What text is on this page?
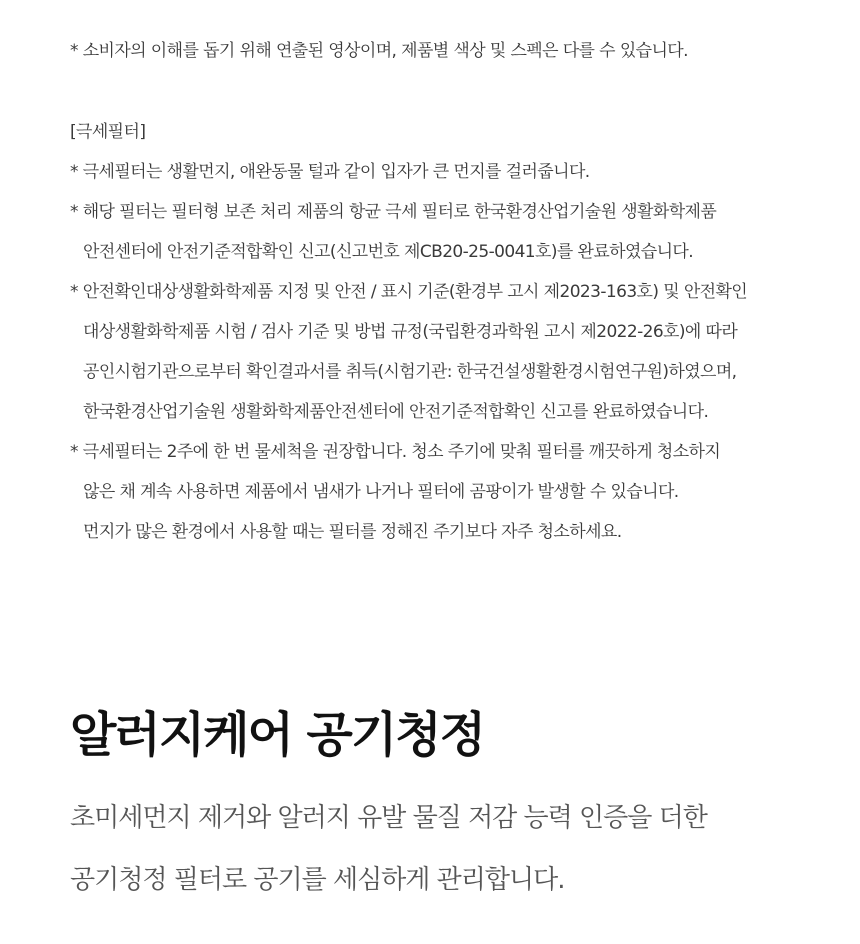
* 소비자의 이해를 돕기 위해 연출된 영상이며, 제품별 색상 및 스펙은 다를 수 있습니다.
[극세필터]
* 극세필터는 생활먼지, 애완동물 털과 같이 입자가 큰 먼지를 걸러줍니다.
* 해당 필터는 필터형 보존 처리 제품의 항균 극세 필터로 한국환경산업기술원 생활화학제품
안전센터에 안전기준적합확인 신고(신고번호 제CB20-25-0041호)를 완료하였습니다.
* 안전확인대상생활화학제품 지정 및 안전 / 표시 기준(환경부 고시 제2023-163호) 및 안전확인
대상생활화학제품 시험 / 검사 기준 및 방법 규정(국립환경과학원 고시 제2022-26호)에 따라
공인시험기관으로부터 확인결과서를 취득(시험기관: 한국건설생활환경시험연구원)하였으며,
한국환경산업기술원 생활화학제품안전센터에 안전기준적합확인 신고를 완료하였습니다.
* 극세필터는 2주에 한 번 물세척을 권장합니다. 청소 주기에 맞춰 필터를 깨끗하게 청소하지
않은 채 계속 사용하면 제품에서 냄새가 나거나 필터에 곰팡이가 발생할 수 있습니다.
먼지가 많은 환경에서 사용할 때는 필터를 정해진 주기보다 자주 청소하세요.
알러지케어 공기청정

초미세먼지 제거와 알러지 유발 물질 저감 능력 인증을 더한
공기청정 필터로 공기를 세심하게 관리합니다.
